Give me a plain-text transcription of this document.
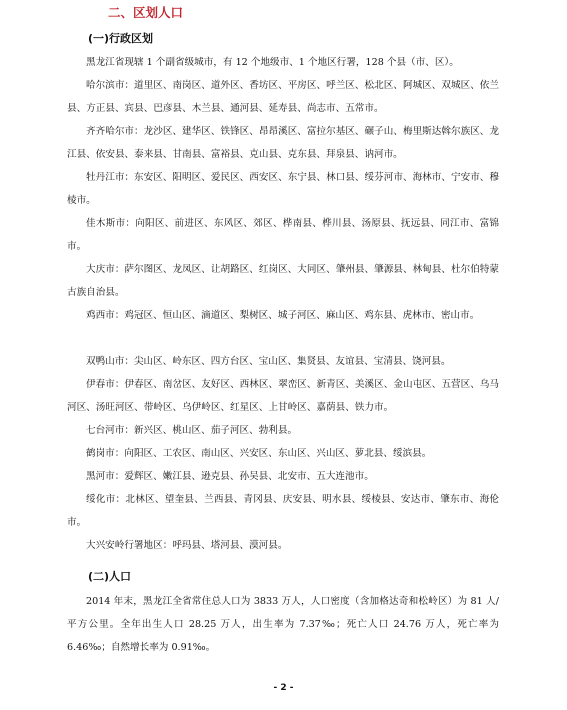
二、区划人口
(一)行政区划

黑龙江省现辖 1 个副省级城市，有 12 个地级市、1 个地区行署，128 个县（市、区）。

哈尔滨市：道里区、南岗区、道外区、香坊区、平房区、呼兰区、松北区、阿城区、双城区、依兰县、方正县、宾县、巴彦县、木兰县、通河县、延寿县、尚志市、五常市。

齐齐哈尔市：龙沙区、建华区、铁锋区、昂昂溪区、富拉尔基区、碾子山、梅里斯达斡尔族区、龙江县、依安县、泰来县、甘南县、富裕县、克山县、克东县、拜泉县、讷河市。

牡丹江市：东安区、阳明区、爱民区、西安区、东宁县、林口县、绥芬河市、海林市、宁安市、穆棱市。

佳木斯市：向阳区、前进区、东风区、郊区、桦南县、桦川县、汤原县、抚远县、同江市、富锦市。

大庆市：萨尔图区、龙凤区、让胡路区、红岗区、大同区、肇州县、肇源县、林甸县、杜尔伯特蒙古族自治县。

鸡西市：鸡冠区、恒山区、滴道区、梨树区、城子河区、麻山区、鸡东县、虎林市、密山市。

双鸭山市：尖山区、岭东区、四方台区、宝山区、集贤县、友谊县、宝清县、饶河县。

伊春市：伊春区、南岔区、友好区、西林区、翠峦区、新青区、美溪区、金山屯区、五营区、乌马河区、汤旺河区、带岭区、乌伊岭区、红星区、上甘岭区、嘉荫县、铁力市。

七台河市：新兴区、桃山区、茄子河区、勃利县。

鹤岗市：向阳区、工农区、南山区、兴安区、东山区、兴山区、萝北县、绥滨县。

黑河市：爱辉区、嫩江县、逊克县、孙吴县、北安市、五大连池市。

绥化市：北林区、望奎县、兰西县、青冈县、庆安县、明水县、绥棱县、安达市、肇东市、海伦市。

大兴安岭行署地区：呼玛县、塔河县、漠河县。

(二)人口

2014 年末，黑龙江全省常住总人口为 3833 万人，人口密度（含加格达奇和松岭区）为 81 人/平方公里。全年出生人口 28.25 万人，出生率为 7.37‰；死亡人口 24.76 万人，死亡率为 6.46‰；自然增长率为 0.91‰。

- 2 -
